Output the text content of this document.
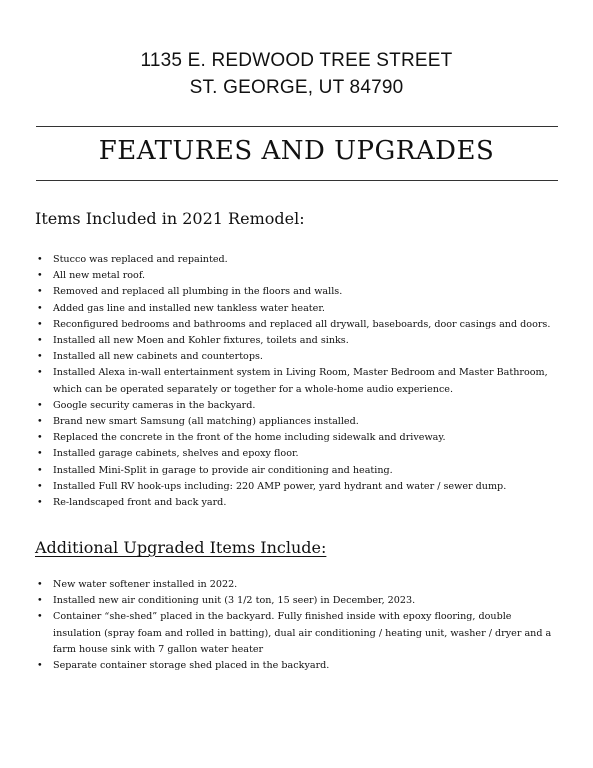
1135 E. REDWOOD TREE STREET
ST. GEORGE, UT 84790
FEATURES AND UPGRADES
Items Included in 2021 Remodel:
• Stucco was replaced and repainted.
• All new metal roof.
• Removed and replaced all plumbing in the floors and walls.
• Added gas line and installed new tankless water heater.
• Reconfigured bedrooms and bathrooms and replaced all drywall, baseboards, door casings and doors.
• Installed all new Moen and Kohler fixtures, toilets and sinks.
• Installed all new cabinets and countertops.
• Installed Alexa in-wall entertainment system in Living Room, Master Bedroom and Master Bathroom, which can be operated separately or together for a whole-home audio experience.
• Google security cameras in the backyard.
• Brand new smart Samsung (all matching) appliances installed.
• Replaced the concrete in the front of the home including sidewalk and driveway.
• Installed garage cabinets, shelves and epoxy floor.
• Installed Mini-Split in garage to provide air conditioning and heating.
• Installed Full RV hook-ups including: 220 AMP power, yard hydrant and water / sewer dump.
• Re-landscaped front and back yard.
Additional Upgraded Items Include:
• New water softener installed in 2022.
• Installed new air conditioning unit (3 1/2 ton, 15 seer) in December, 2023.
• Container “she-shed” placed in the backyard. Fully finished inside with epoxy flooring, double insulation (spray foam and rolled in batting), dual air conditioning / heating unit, washer / dryer and a farm house sink with 7 gallon water heater
• Separate container storage shed placed in the backyard.
